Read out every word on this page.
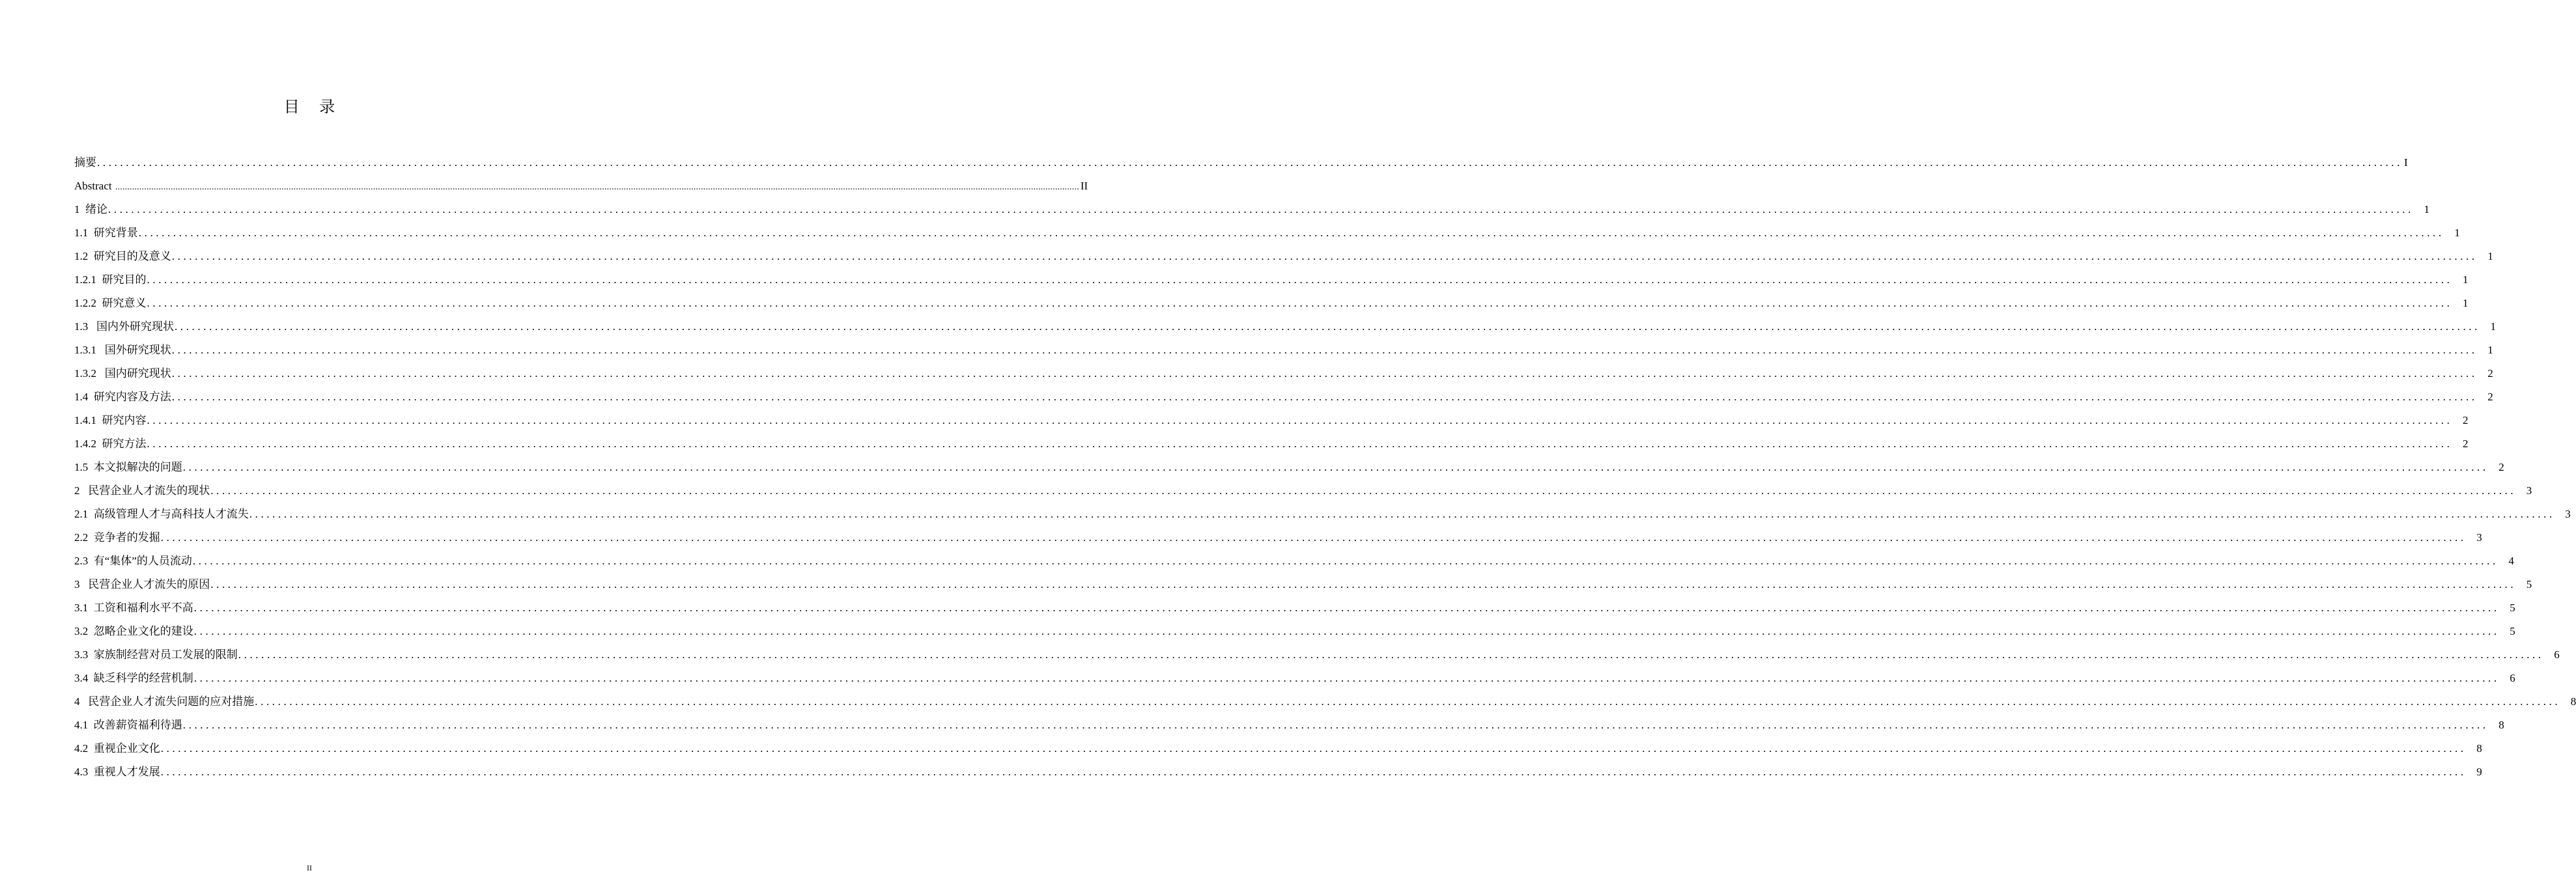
目    录
摘要 ................................................................................................................................................................................................................................................................................................................................................................................................................ I
Abstract ................................................................................................................................................................................................................................................................................................................................................................................................................ II
1  绪论 ................................................................................................................................................................................................................................................................................................................................................................................................................ 1
1.1  研究背景 ................................................................................................................................................................................................................................................................................................................................................................................................................ 1
1.2  研究目的及意义 ................................................................................................................................................................................................................................................................................................................................................................................................................ 1
1.2.1  研究目的 ................................................................................................................................................................................................................................................................................................................................................................................................................ 1
1.2.2  研究意义 ................................................................................................................................................................................................................................................................................................................................................................................................................ 1
1.3   国内外研究现状 ................................................................................................................................................................................................................................................................................................................................................................................................................ 1
1.3.1   国外研究现状 ................................................................................................................................................................................................................................................................................................................................................................................................................ 1
1.3.2   国内研究现状 ................................................................................................................................................................................................................................................................................................................................................................................................................ 2
1.4  研究内容及方法 ................................................................................................................................................................................................................................................................................................................................................................................................................ 2
1.4.1  研究内容 ................................................................................................................................................................................................................................................................................................................................................................................................................ 2
1.4.2  研究方法 ................................................................................................................................................................................................................................................................................................................................................................................................................ 2
1.5  本文拟解决的问题 ................................................................................................................................................................................................................................................................................................................................................................................................................ 2
2   民营企业人才流失的现状 ................................................................................................................................................................................................................................................................................................................................................................................................................ 3
2.1  高级管理人才与高科技人才流失 ................................................................................................................................................................................................................................................................................................................................................................................................................ 3
2.2  竞争者的发掘 ................................................................................................................................................................................................................................................................................................................................................................................................................ 3
2.3  有“集体”的人员流动 ................................................................................................................................................................................................................................................................................................................................................................................................................ 4
3   民营企业人才流失的原因 ................................................................................................................................................................................................................................................................................................................................................................................................................ 5
3.1  工资和福利水平不高 ................................................................................................................................................................................................................................................................................................................................................................................................................ 5
3.2  忽略企业文化的建设 ................................................................................................................................................................................................................................................................................................................................................................................................................ 5
3.3  家族制经营对员工发展的限制 ................................................................................................................................................................................................................................................................................................................................................................................................................ 6
3.4  缺乏科学的经营机制 ................................................................................................................................................................................................................................................................................................................................................................................................................ 6
4   民营企业人才流失问题的应对措施 ................................................................................................................................................................................................................................................................................................................................................................................................................ 8
4.1  改善薪资福利待遇 ................................................................................................................................................................................................................................................................................................................................................................................................................ 8
4.2  重视企业文化 ................................................................................................................................................................................................................................................................................................................................................................................................................ 8
4.3  重视人才发展 ................................................................................................................................................................................................................................................................................................................................................................................................................ 9
II
